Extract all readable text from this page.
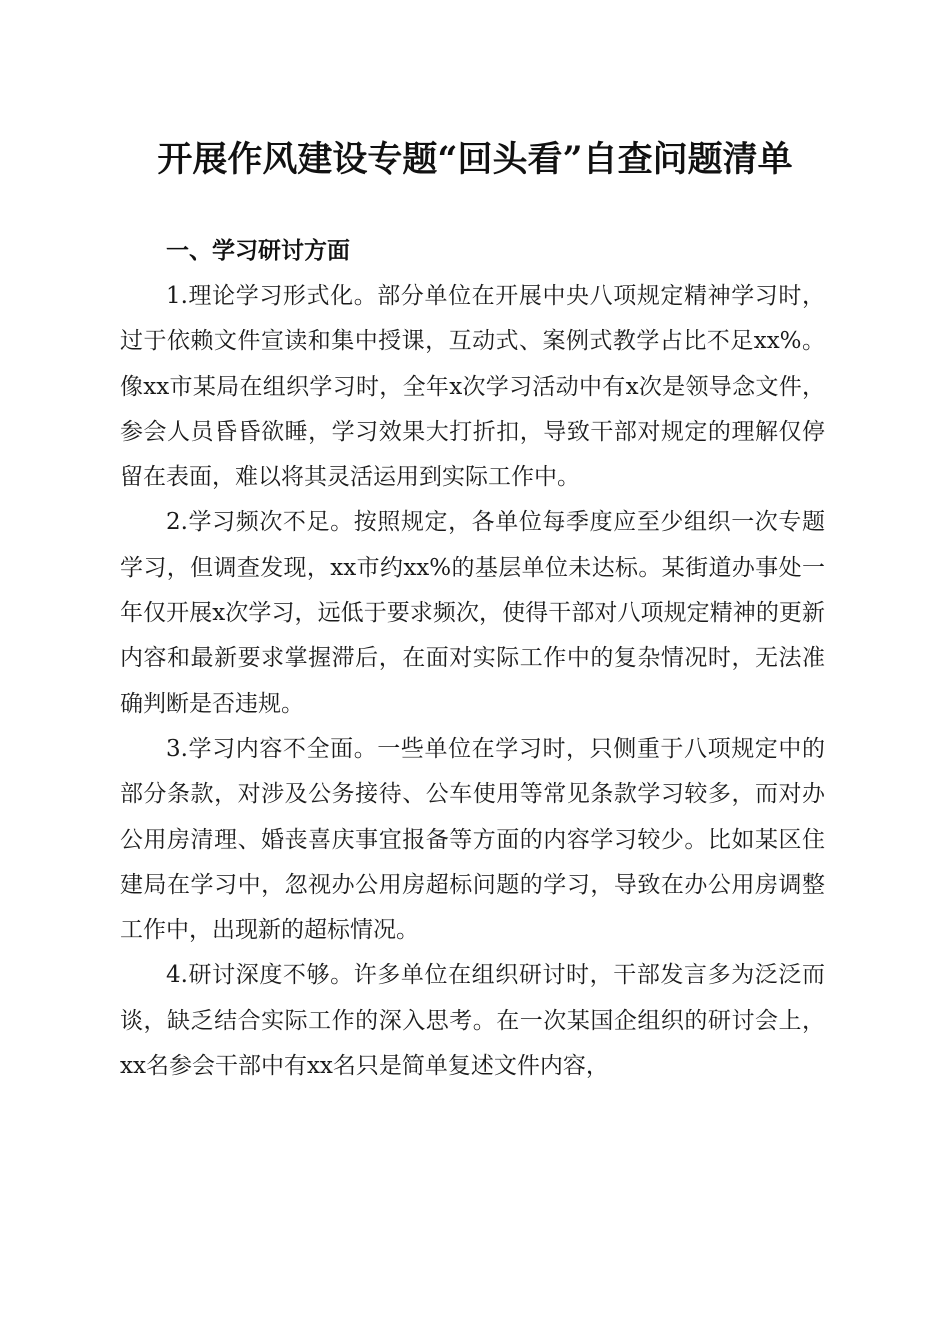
开展作风建设专题“回头看”自查问题清单

一、学习研讨方面

1.理论学习形式化。部分单位在开展中央八项规定精神学习时，过于依赖文件宣读和集中授课，互动式、案例式教学占比不足xx%。像xx市某局在组织学习时，全年x次学习活动中有x次是领导念文件，参会人员昏昏欲睡，学习效果大打折扣，导致干部对规定的理解仅停留在表面，难以将其灵活运用到实际工作中。

2.学习频次不足。按照规定，各单位每季度应至少组织一次专题学习，但调查发现，xx市约xx%的基层单位未达标。某街道办事处一年仅开展x次学习，远低于要求频次，使得干部对八项规定精神的更新内容和最新要求掌握滞后，在面对实际工作中的复杂情况时，无法准确判断是否违规。

3.学习内容不全面。一些单位在学习时，只侧重于八项规定中的部分条款，对涉及公务接待、公车使用等常见条款学习较多，而对办公用房清理、婚丧喜庆事宜报备等方面的内容学习较少。比如某区住建局在学习中，忽视办公用房超标问题的学习，导致在办公用房调整工作中，出现新的超标情况。

4.研讨深度不够。许多单位在组织研讨时，干部发言多为泛泛而谈，缺乏结合实际工作的深入思考。在一次某国企组织的研讨会上，xx名参会干部中有xx名只是简单复述文件内容，
